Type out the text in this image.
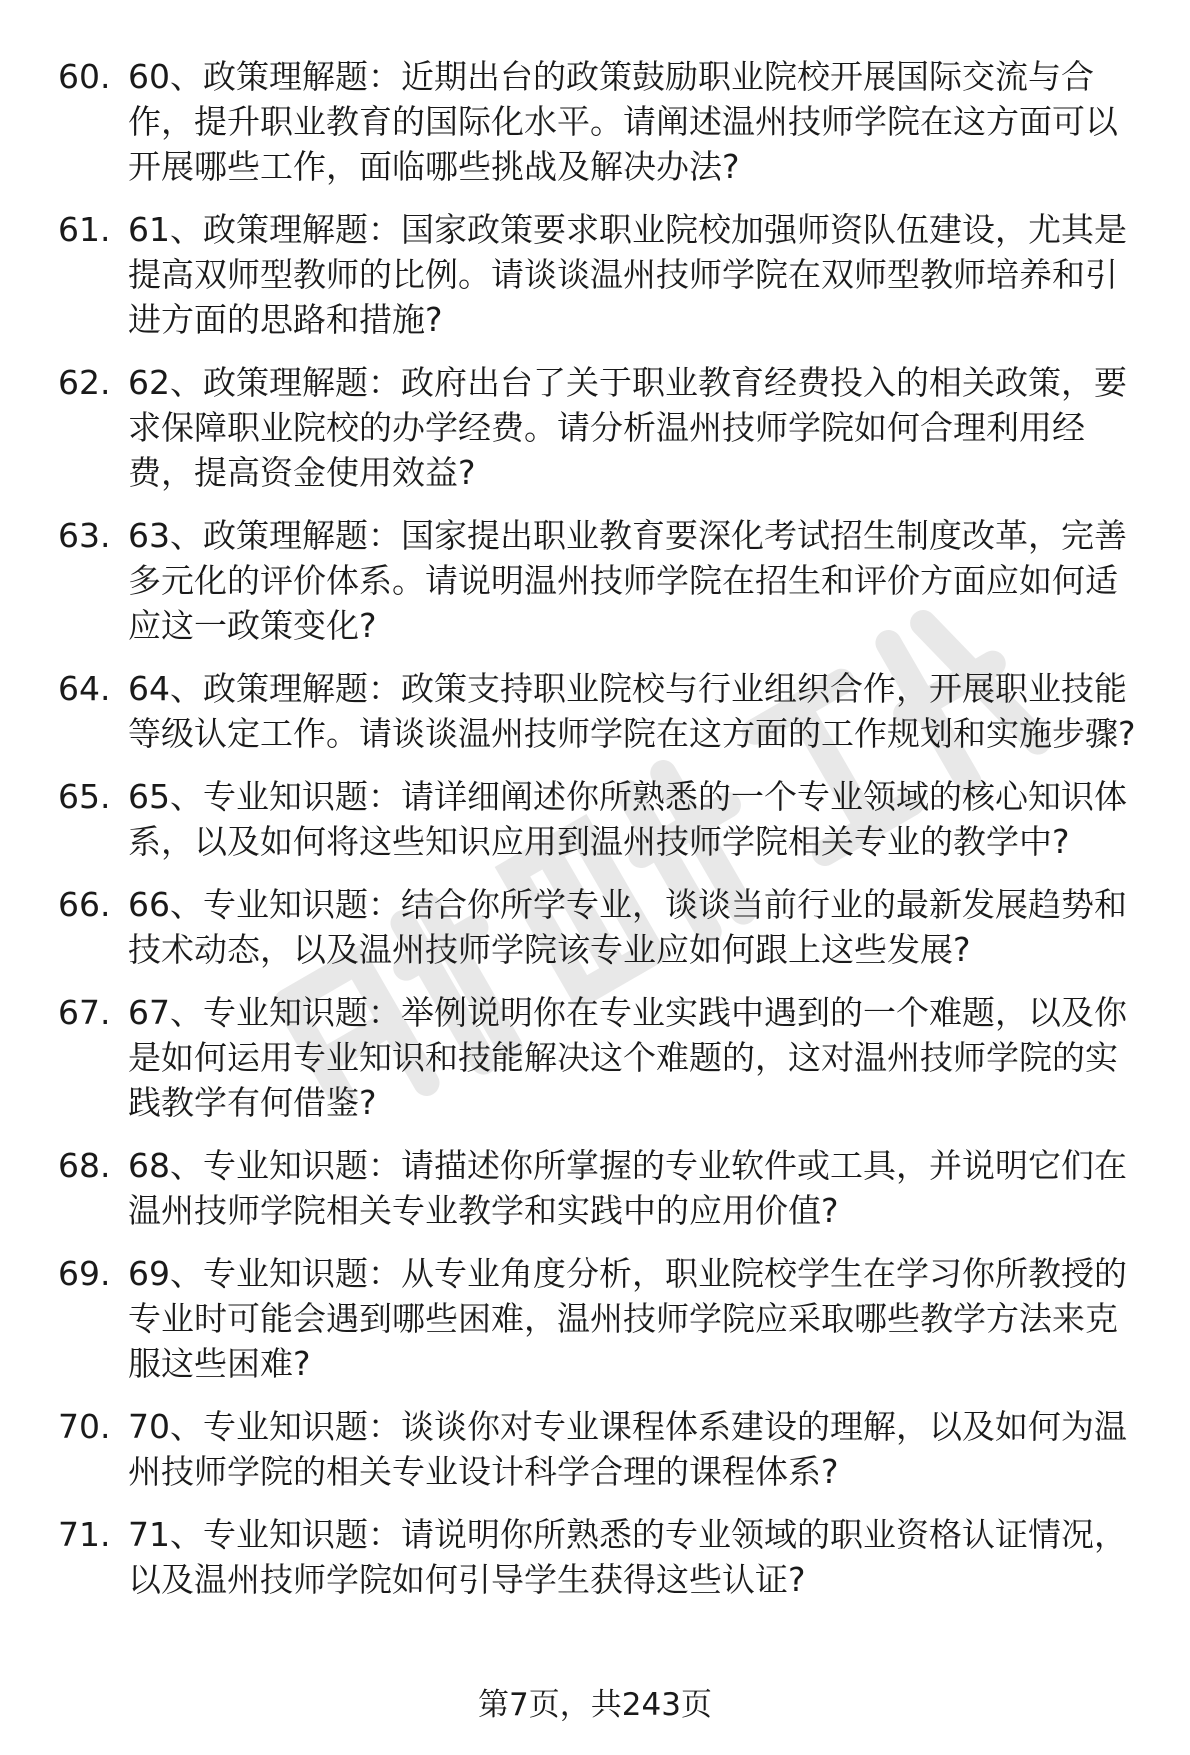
60. 60、政策理解题：近期出台的政策鼓励职业院校开展国际交流与合作，提升职业教育的国际化水平。请阐述温州技师学院在这方面可以开展哪些工作，面临哪些挑战及解决办法?
61. 61、政策理解题：国家政策要求职业院校加强师资队伍建设，尤其是提高双师型教师的比例。请谈谈温州技师学院在双师型教师培养和引进方面的思路和措施?
62. 62、政策理解题：政府出台了关于职业教育经费投入的相关政策，要求保障职业院校的办学经费。请分析温州技师学院如何合理利用经费，提高资金使用效益?
63. 63、政策理解题：国家提出职业教育要深化考试招生制度改革，完善多元化的评价体系。请说明温州技师学院在招生和评价方面应如何适应这一政策变化?
64. 64、政策理解题：政策支持职业院校与行业组织合作，开展职业技能等级认定工作。请谈谈温州技师学院在这方面的工作规划和实施步骤?
65. 65、专业知识题：请详细阐述你所熟悉的一个专业领域的核心知识体系，以及如何将这些知识应用到温州技师学院相关专业的教学中?
66. 66、专业知识题：结合你所学专业，谈谈当前行业的最新发展趋势和技术动态，以及温州技师学院该专业应如何跟上这些发展?
67. 67、专业知识题：举例说明你在专业实践中遇到的一个难题，以及你是如何运用专业知识和技能解决这个难题的，这对温州技师学院的实践教学有何借鉴?
68. 68、专业知识题：请描述你所掌握的专业软件或工具，并说明它们在温州技师学院相关专业教学和实践中的应用价值?
69. 69、专业知识题：从专业角度分析，职业院校学生在学习你所教授的专业时可能会遇到哪些困难，温州技师学院应采取哪些教学方法来克服这些困难?
70. 70、专业知识题：谈谈你对专业课程体系建设的理解，以及如何为温州技师学院的相关专业设计科学合理的课程体系?
71. 71、专业知识题：请说明你所熟悉的专业领域的职业资格认证情况，以及温州技师学院如何引导学生获得这些认证?
第7页，共243页
